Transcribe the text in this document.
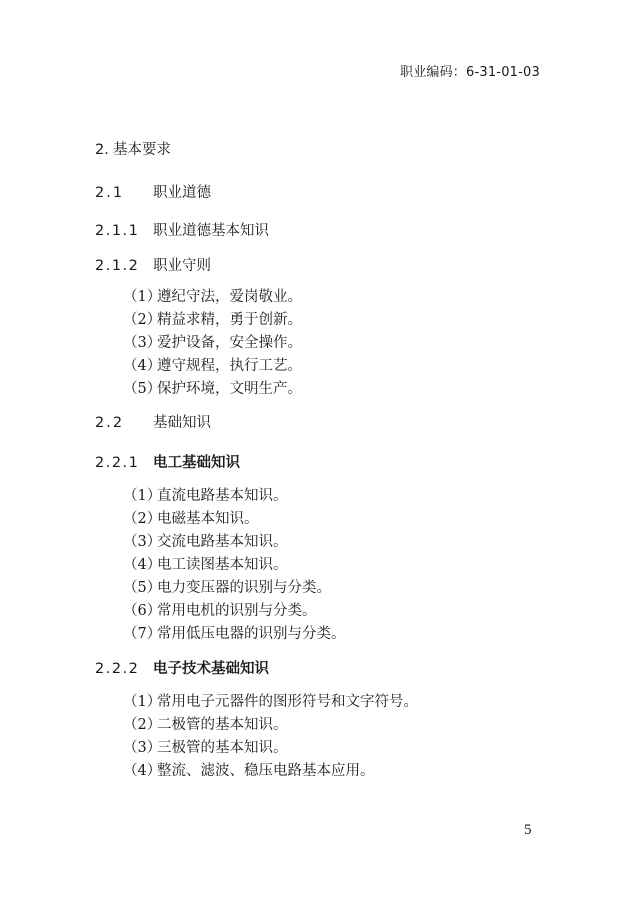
职业编码：6-31-01-03
2. 基本要求
2.1 职业道德
2.1.1 职业道德基本知识
2.1.2 职业守则
（1）遵纪守法，爱岗敬业。
（2）精益求精，勇于创新。
（3）爱护设备，安全操作。
（4）遵守规程，执行工艺。
（5）保护环境，文明生产。
2.2 基础知识
2.2.1 电工基础知识
（1）直流电路基本知识。
（2）电磁基本知识。
（3）交流电路基本知识。
（4）电工读图基本知识。
（5）电力变压器的识别与分类。
（6）常用电机的识别与分类。
（7）常用低压电器的识别与分类。
2.2.2 电子技术基础知识
（1）常用电子元器件的图形符号和文字符号。
（2）二极管的基本知识。
（3）三极管的基本知识。
（4）整流、滤波、稳压电路基本应用。
5
